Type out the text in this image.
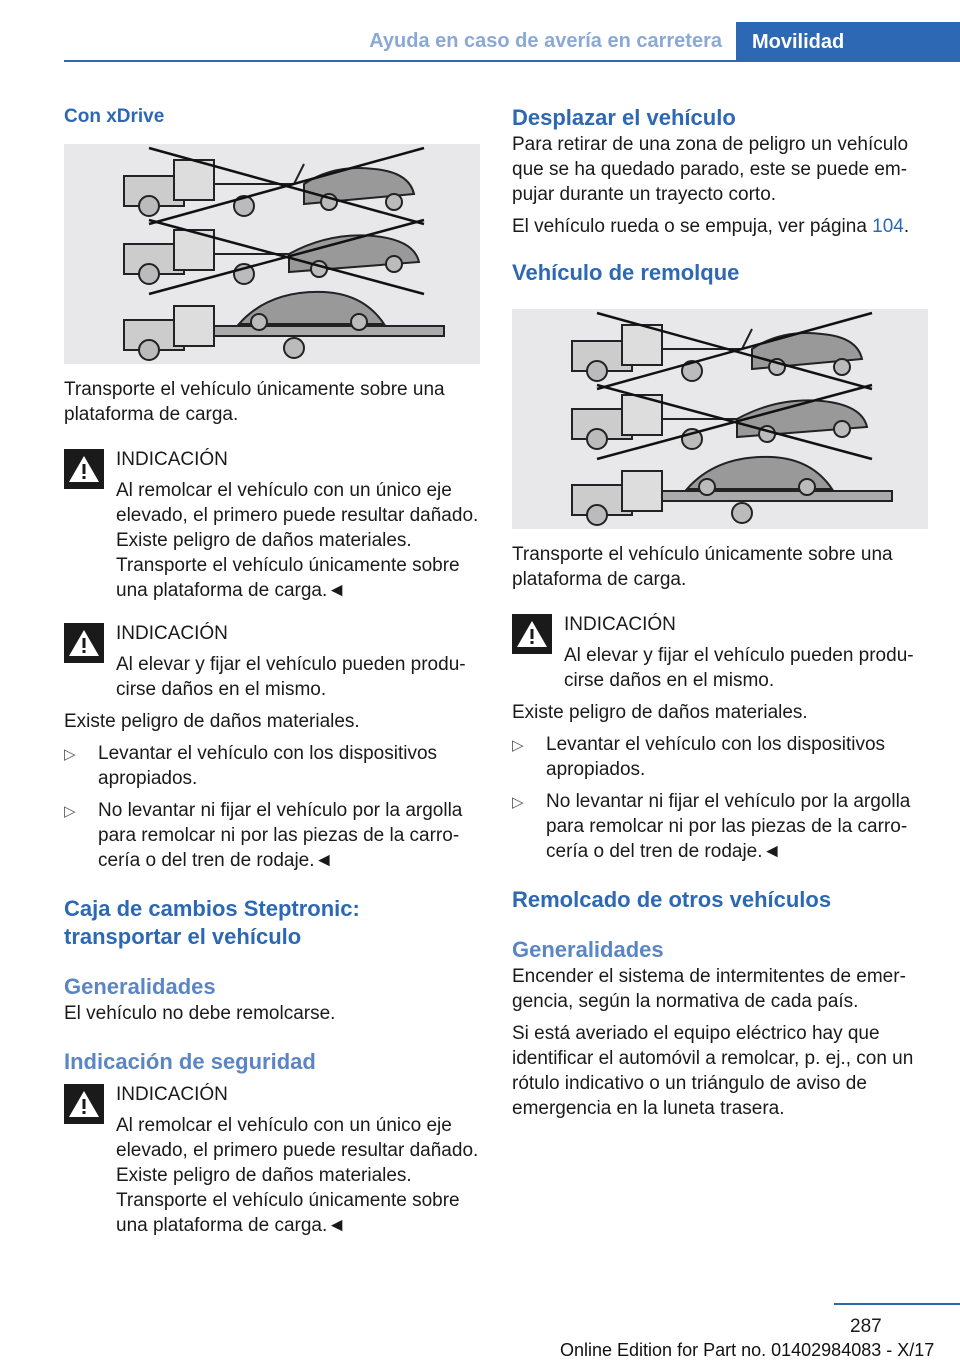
Ayuda en caso de avería en carretera	Movilidad
Con xDrive

Transporte el vehículo únicamente sobre una plataforma de carga.

INDICACIÓN
Al remolcar el vehículo con un único eje elevado, el primero puede resultar dañado. Existe peligro de daños materiales. Transporte el vehículo únicamente sobre una plataforma de carga.◄
INDICACIÓN
Al elevar y fijar el vehículo pueden produ‐cirse daños en el mismo.

Existe peligro de daños materiales.

▷ Levantar el vehículo con los dispositivos apropiados.
▷ No levantar ni fijar el vehículo por la argolla para remolcar ni por las piezas de la carro‐cería o del tren de rodaje.◄
Caja de cambios Steptronic: transportar el vehículo
Generalidades

El vehículo no debe remolcarse.

Indicación de seguridad
INDICACIÓN
Al remolcar el vehículo con un único eje elevado, el primero puede resultar dañado. Existe peligro de daños materiales. Transporte el vehículo únicamente sobre una plataforma de carga.◄
Desplazar el vehículo

Para retirar de una zona de peligro un vehículo que se ha quedado parado, este se puede em‐pujar durante un trayecto corto.

El vehículo rueda o se empuja, ver página 104.

Vehículo de remolque

Transporte el vehículo únicamente sobre una plataforma de carga.

INDICACIÓN
Al elevar y fijar el vehículo pueden produ‐cirse daños en el mismo.

Existe peligro de daños materiales.

▷ Levantar el vehículo con los dispositivos apropiados.
▷ No levantar ni fijar el vehículo por la argolla para remolcar ni por las piezas de la carro‐cería o del tren de rodaje.◄
Remolcado de otros vehículos
Generalidades

Encender el sistema de intermitentes de emer‐gencia, según la normativa de cada país.

Si está averiado el equipo eléctrico hay que identificar el automóvil a remolcar, p. ej., con un rótulo indicativo o un triángulo de aviso de emergencia en la luneta trasera.

287
Online Edition for Part no. 01402984083 - X/17
